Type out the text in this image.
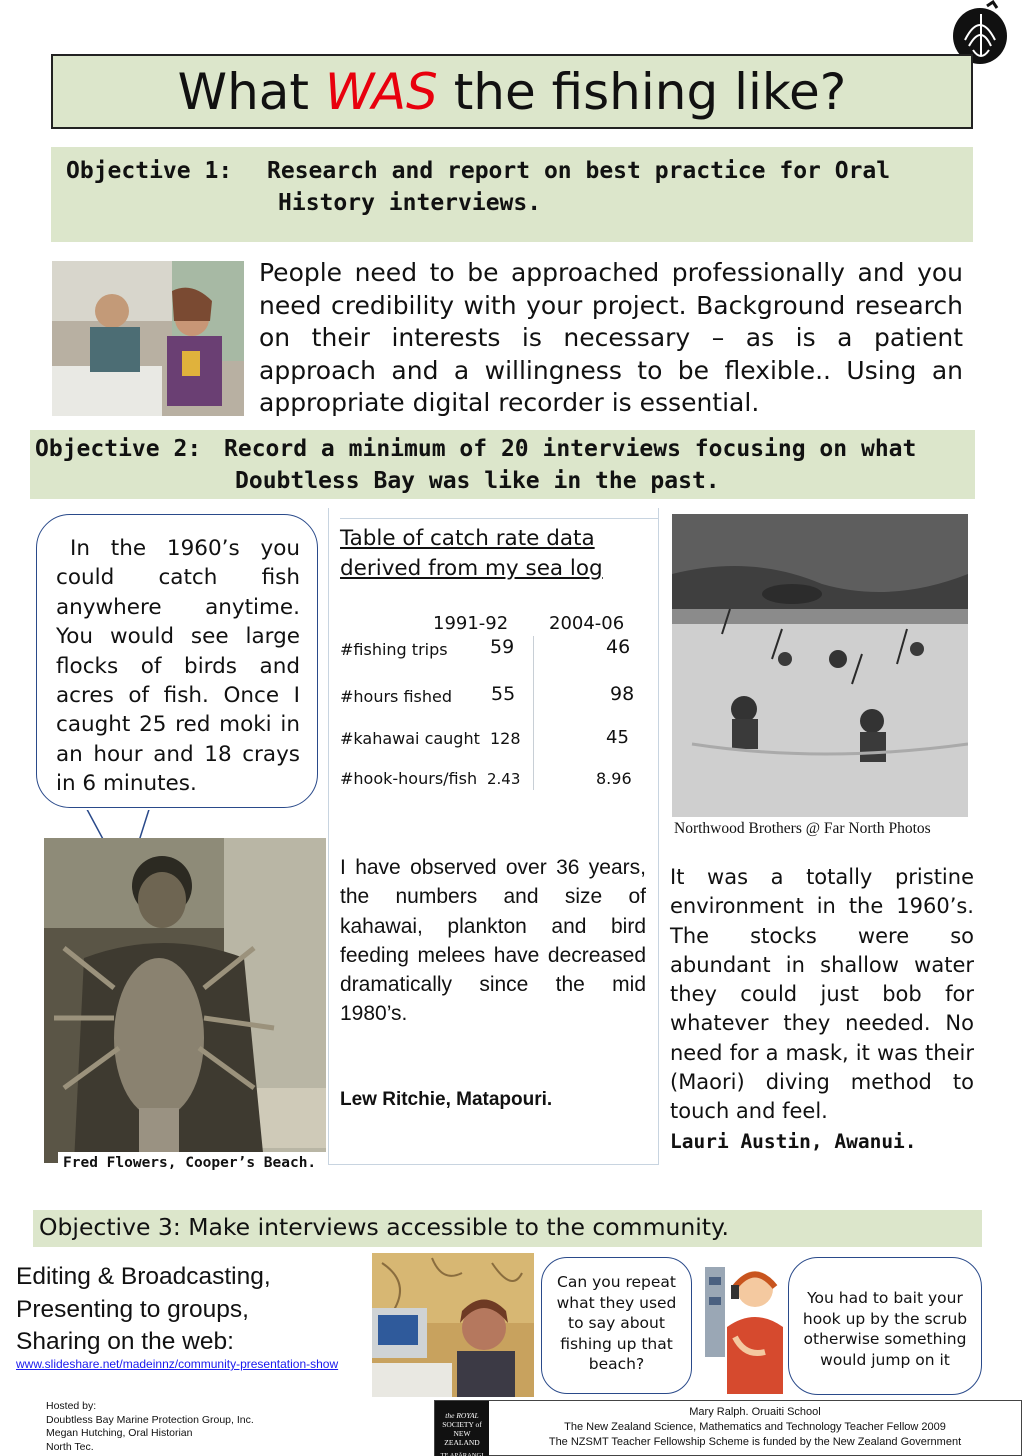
What WAS the fishing like?
Objective 1: Research and report on best practice for Oral
History interviews.
People need to be approached professionally and you need credibility with your project. Background research on their interests is necessary – as is a patient approach and a willingness to be flexible.. Using an appropriate digital recorder is essential.
Objective 2: Record a minimum of 20 interviews focusing on what
Doubtless Bay was like in the past.
In the 1960’s you could catch fish anywhere anytime. You would see large flocks of birds and acres of fish. Once I caught 25 red moki in an hour and 18 crays in 6 minutes.
Fred Flowers, Cooper’s Beach.
Table of catch rate data
derived from my sea log
1991-92 2004-06
#fishing trips 59	46
#hours fished 55	98
#kahawai caught 128	45
#hook-hours/fish 2.43	8.96
I have observed over 36 years, the numbers and size of kahawai, plankton and bird feeding melees have decreased dramatically since the mid 1980’s.
Lew Ritchie, Matapouri.
Northwood Brothers @ Far North Photos
It was a totally pristine environment in the 1960’s. The stocks were so abundant in shallow water they could just bob for whatever they needed. No need for a mask, it was their (Maori) diving method to touch and feel.
Lauri Austin, Awanui.
Objective 3: Make interviews accessible to the community.
Editing & Broadcasting,
Presenting to groups,
Sharing on the web:
www.slideshare.net/madeinnz/community-presentation-show
Can you repeat what they used to say about fishing up that beach?
You had to bait your hook up by the scrub otherwise something would jump on it
Hosted by:
Doubtless Bay Marine Protection Group, Inc.
Megan Hutching, Oral Historian
North Tec.
the ROYAL
SOCIETY of
NEW ZEALAND
TE APĀRANGI
Mary Ralph. Oruaiti School
The New Zealand Science, Mathematics and Technology Teacher Fellow 2009
The NZSMT Teacher Fellowship Scheme is funded by the New Zealand Government
